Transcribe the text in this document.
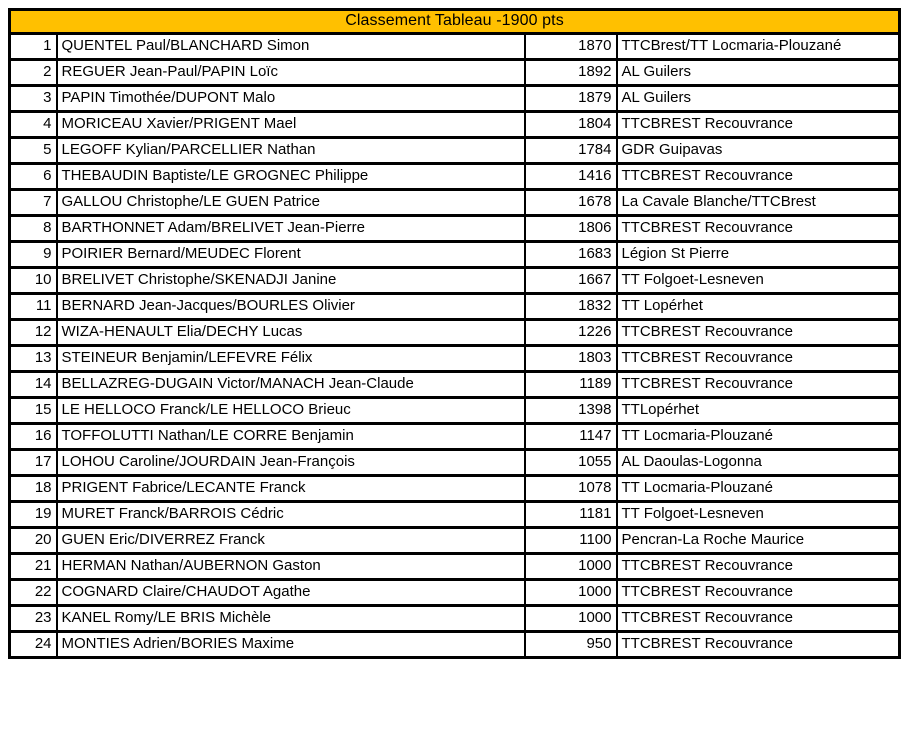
Classement Tableau -1900 pts			
1	QUENTEL Paul/BLANCHARD Simon	1870	TTCBrest/TT Locmaria-Plouzané
2	REGUER Jean-Paul/PAPIN Loïc	1892	AL Guilers
3	PAPIN Timothée/DUPONT Malo	1879	AL Guilers
4	MORICEAU Xavier/PRIGENT Mael	1804	TTCBREST Recouvrance
5	LEGOFF Kylian/PARCELLIER Nathan	1784	GDR Guipavas
6	THEBAUDIN Baptiste/LE GROGNEC Philippe	1416	TTCBREST Recouvrance
7	GALLOU Christophe/LE GUEN Patrice	1678	La Cavale Blanche/TTCBrest
8	BARTHONNET Adam/BRELIVET Jean-Pierre	1806	TTCBREST Recouvrance
9	POIRIER Bernard/MEUDEC Florent	1683	Légion St Pierre
10	BRELIVET Christophe/SKENADJI Janine	1667	TT Folgoet-Lesneven
11	BERNARD Jean-Jacques/BOURLES Olivier	1832	TT Lopérhet
12	WIZA-HENAULT Elia/DECHY Lucas	1226	TTCBREST Recouvrance
13	STEINEUR Benjamin/LEFEVRE Félix	1803	TTCBREST Recouvrance
14	BELLAZREG-DUGAIN Victor/MANACH Jean-Claude	1189	TTCBREST Recouvrance
15	LE HELLOCO Franck/LE HELLOCO Brieuc	1398	TTLopérhet
16	TOFFOLUTTI Nathan/LE CORRE Benjamin	1147	TT Locmaria-Plouzané
17	LOHOU Caroline/JOURDAIN Jean-François	1055	AL Daoulas-Logonna
18	PRIGENT Fabrice/LECANTE Franck	1078	TT Locmaria-Plouzané
19	MURET Franck/BARROIS Cédric	1181	TT Folgoet-Lesneven
20	GUEN Eric/DIVERREZ Franck	1100	Pencran-La Roche Maurice
21	HERMAN Nathan/AUBERNON Gaston	1000	TTCBREST Recouvrance
22	COGNARD Claire/CHAUDOT Agathe	1000	TTCBREST Recouvrance
23	KANEL Romy/LE BRIS Michèle	1000	TTCBREST Recouvrance
24	MONTIES Adrien/BORIES Maxime	950	TTCBREST Recouvrance
